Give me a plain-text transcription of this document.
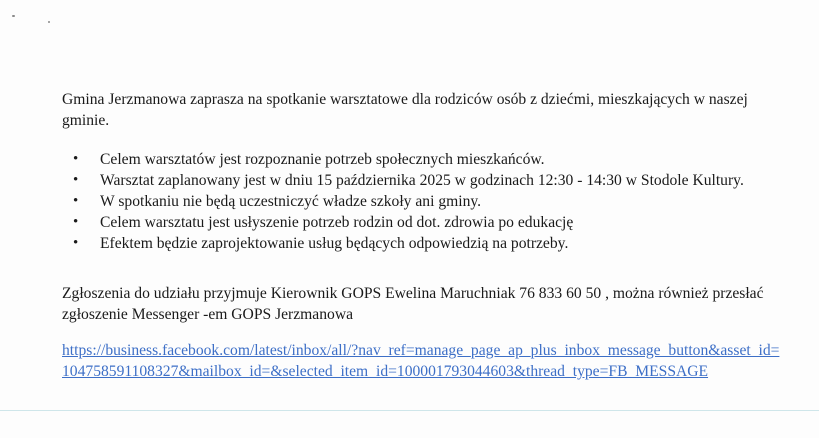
Gmina Jerzmanowa zaprasza na spotkanie warsztatowe dla rodziców osób z dziećmi, mieszkających w naszej gminie.
• Celem warsztatów jest rozpoznanie potrzeb społecznych mieszkańców.
• Warsztat zaplanowany jest w dniu 15 października 2025 w godzinach 12:30 - 14:30 w Stodole Kultury.
• W spotkaniu nie będą uczestniczyć władze szkoły ani gminy.
• Celem warsztatu jest usłyszenie potrzeb rodzin od dot. zdrowia po edukację
• Efektem będzie zaprojektowanie usług będących odpowiedzią na potrzeby.
Zgłoszenia do udziału przyjmuje Kierownik GOPS Ewelina Maruchniak 76 833 60 50 , można również przesłać zgłoszenie Messenger -em GOPS Jerzmanowa
https://business.facebook.com/latest/inbox/all/?nav_ref=manage_page_ap_plus_inbox_message_button&asset_id=104758591108327&mailbox_id=&selected_item_id=100001793044603&thread_type=FB_MESSAGE
